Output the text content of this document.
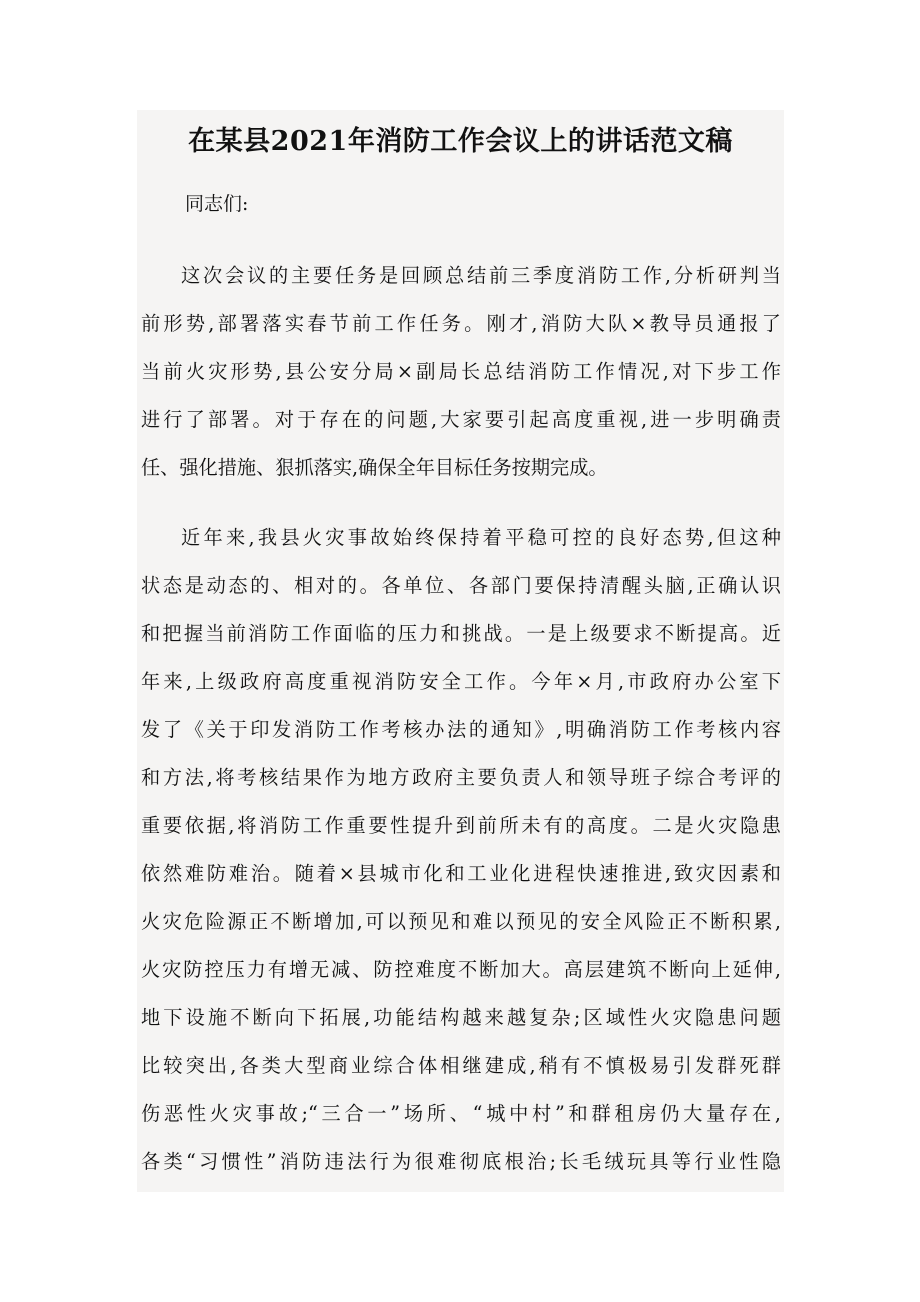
在某县2021年消防工作会议上的讲话范文稿
同志们:
这次会议的主要任务是回顾总结前三季度消防工作,分析研判当
前形势,部署落实春节前工作任务。刚才,消防大队×教导员通报了
当前火灾形势,县公安分局×副局长总结消防工作情况,对下步工作
进行了部署。对于存在的问题,大家要引起高度重视,进一步明确责
任、强化措施、狠抓落实,确保全年目标任务按期完成。
近年来,我县火灾事故始终保持着平稳可控的良好态势,但这种
状态是动态的、相对的。各单位、各部门要保持清醒头脑,正确认识
和把握当前消防工作面临的压力和挑战。一是上级要求不断提高。近
年来,上级政府高度重视消防安全工作。今年×月,市政府办公室下
发了《关于印发消防工作考核办法的通知》,明确消防工作考核内容
和方法,将考核结果作为地方政府主要负责人和领导班子综合考评的
重要依据,将消防工作重要性提升到前所未有的高度。二是火灾隐患
依然难防难治。随着×县城市化和工业化进程快速推进,致灾因素和
火灾危险源正不断增加,可以预见和难以预见的安全风险正不断积累,
火灾防控压力有增无减、防控难度不断加大。高层建筑不断向上延伸,
地下设施不断向下拓展,功能结构越来越复杂;区域性火灾隐患问题
比较突出,各类大型商业综合体相继建成,稍有不慎极易引发群死群
伤恶性火灾事故;“三合一”场所、“城中村”和群租房仍大量存在,
各类“习惯性”消防违法行为很难彻底根治;长毛绒玩具等行业性隐
